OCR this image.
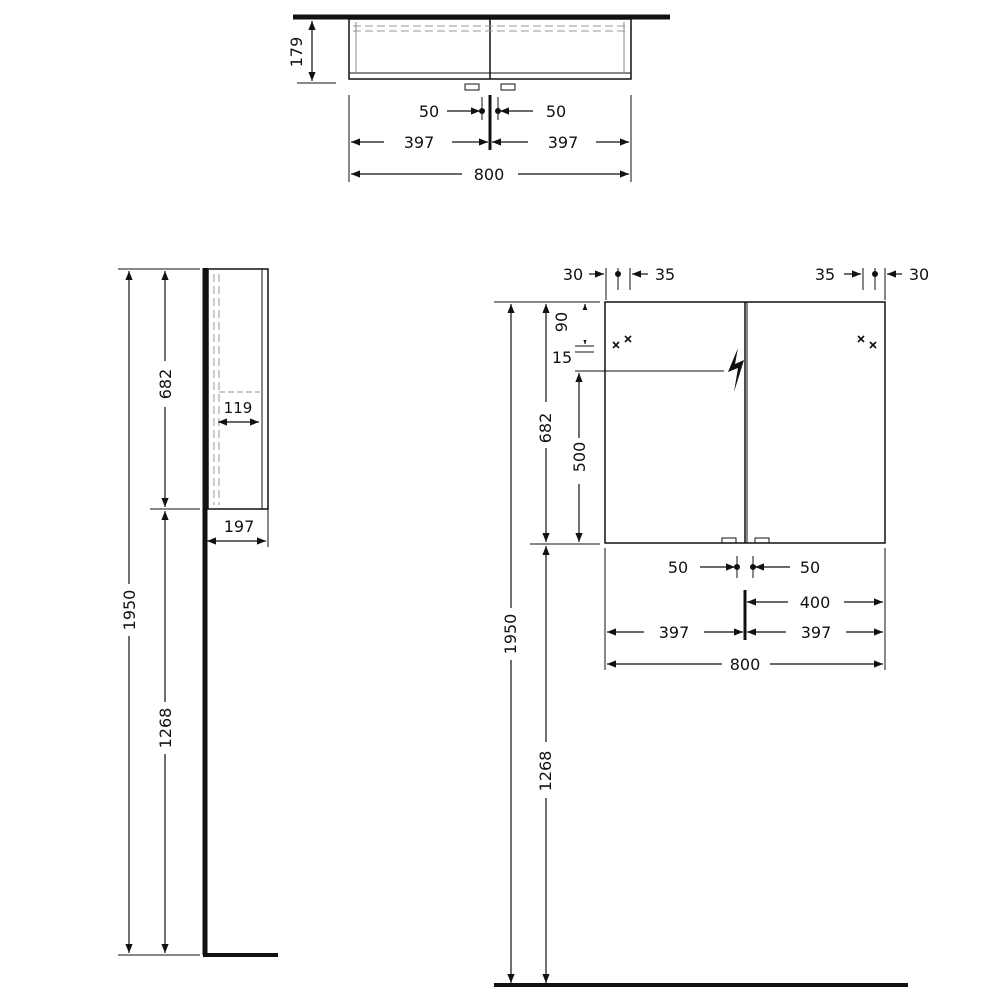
179
50	50
397	397
800
1950
682
1268
119
197
30	35	35	30
90
15
500
682
1950
1268
50	50
400
397	397
800
